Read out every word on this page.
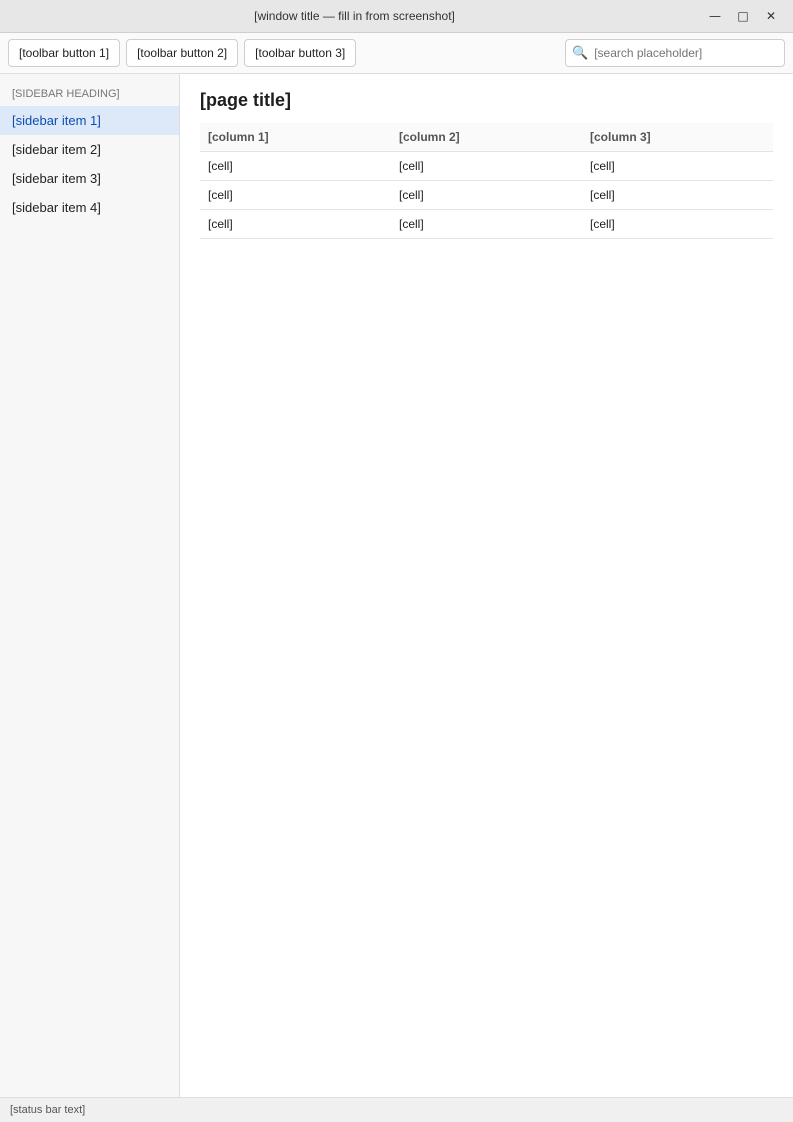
[window title — fill in from screenshot]	—	□	✕
[toolbar button 1]	[toolbar button 2]	[toolbar button 3]	🔍
[search placeholder]
[SIDEBAR HEADING]
[sidebar item 1]
[sidebar item 2]
[sidebar item 3]
[sidebar item 4]
[page title]
[column 1]	[column 2]	[column 3]
[cell]	[cell]	[cell]
[cell]	[cell]	[cell]
[cell]	[cell]	[cell]
[status bar text]
